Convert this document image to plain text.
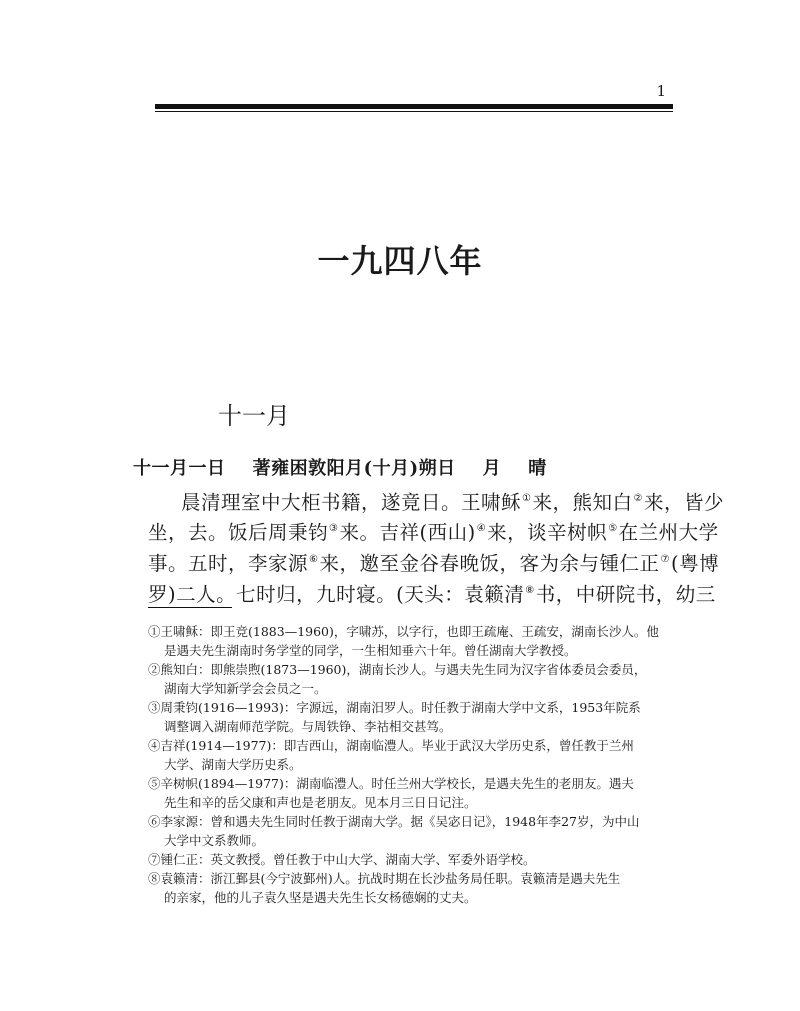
1
一九四八年
十一月
十一月一日    著雍困敦阳月(十月)朔日    月    晴
晨清理室中大柜书籍，遂竟日。王啸稣①来，熊知白②来，皆少
坐，去。饭后周秉钧③来。吉祥(西山)④来，谈辛树帜⑤在兰州大学
事。五时，李家源⑥来，邀至金谷春晚饭，客为余与锺仁正⑦(粤博
罗)二人。七时归，九时寝。(天头：袁籁清⑧书，中研院书，幼三
①王啸稣：即王竞(1883—1960)，字啸苏，以字行，也即王疏庵、王疏安，湖南长沙人。他
是遇夫先生湖南时务学堂的同学，一生相知垂六十年。曾任湖南大学教授。
②熊知白：即熊崇煦(1873—1960)，湖南长沙人。与遇夫先生同为汉字省体委员会委员，
湖南大学知新学会会员之一。
③周秉钧(1916—1993)：字源远，湖南汨罗人。时任教于湖南大学中文系，1953年院系
调整调入湖南师范学院。与周铁铮、李祜相交甚笃。
④吉祥(1914—1977)：即吉西山，湖南临澧人。毕业于武汉大学历史系，曾任教于兰州
大学、湖南大学历史系。
⑤辛树帜(1894—1977)：湖南临澧人。时任兰州大学校长，是遇夫先生的老朋友。遇夫
先生和辛的岳父康和声也是老朋友。见本月三日日记注。
⑥李家源：曾和遇夫先生同时任教于湖南大学。据《吴宓日记》，1948年李27岁，为中山
大学中文系教师。
⑦锺仁正：英文教授。曾任教于中山大学、湖南大学、军委外语学校。
⑧袁籁清：浙江鄞县(今宁波鄞州)人。抗战时期在长沙盐务局任职。袁籁清是遇夫先生
的亲家，他的儿子袁久坚是遇夫先生长女杨德娴的丈夫。
